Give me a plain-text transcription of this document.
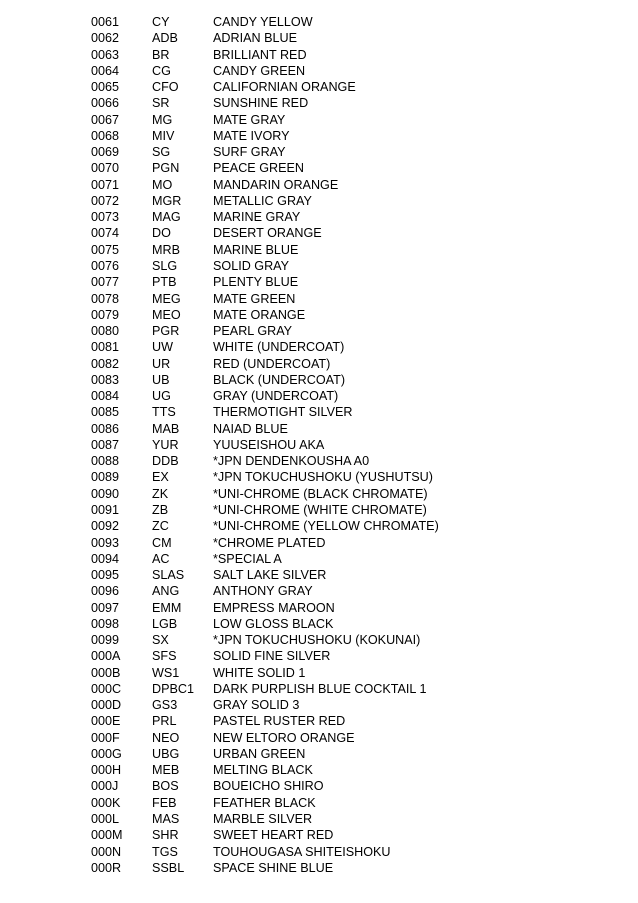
0061	CY	CANDY YELLOW
0062	ADB	ADRIAN BLUE
0063	BR	BRILLIANT RED
0064	CG	CANDY GREEN
0065	CFO	CALIFORNIAN ORANGE
0066	SR	SUNSHINE RED
0067	MG	MATE GRAY
0068	MIV	MATE IVORY
0069	SG	SURF GRAY
0070	PGN	PEACE GREEN
0071	MO	MANDARIN ORANGE
0072	MGR	METALLIC GRAY
0073	MAG	MARINE GRAY
0074	DO	DESERT ORANGE
0075	MRB	MARINE BLUE
0076	SLG	SOLID GRAY
0077	PTB	PLENTY BLUE
0078	MEG	MATE GREEN
0079	MEO	MATE ORANGE
0080	PGR	PEARL GRAY
0081	UW	WHITE (UNDERCOAT)
0082	UR	RED (UNDERCOAT)
0083	UB	BLACK (UNDERCOAT)
0084	UG	GRAY (UNDERCOAT)
0085	TTS	THERMOTIGHT SILVER
0086	MAB	NAIAD BLUE
0087	YUR	YUUSEISHOU AKA
0088	DDB	*JPN DENDENKOUSHA A0
0089	EX	*JPN TOKUCHUSHOKU (YUSHUTSU)
0090	ZK	*UNI-CHROME (BLACK CHROMATE)
0091	ZB	*UNI-CHROME (WHITE CHROMATE)
0092	ZC	*UNI-CHROME (YELLOW CHROMATE)
0093	CM	*CHROME PLATED
0094	AC	*SPECIAL A
0095	SLAS	SALT LAKE SILVER
0096	ANG	ANTHONY GRAY
0097	EMM	EMPRESS MAROON
0098	LGB	LOW GLOSS BLACK
0099	SX	*JPN TOKUCHUSHOKU (KOKUNAI)
000A	SFS	SOLID FINE SILVER
000B	WS1	WHITE SOLID 1
000C	DPBC1	DARK PURPLISH BLUE COCKTAIL 1
000D	GS3	GRAY SOLID 3
000E	PRL	PASTEL RUSTER RED
000F	NEO	NEW ELTORO ORANGE
000G	UBG	URBAN GREEN
000H	MEB	MELTING BLACK
000J	BOS	BOUEICHO SHIRO
000K	FEB	FEATHER BLACK
000L	MAS	MARBLE SILVER
000M	SHR	SWEET HEART RED
000N	TGS	TOUHOUGASA SHITEISHOKU
000R	SSBL	SPACE SHINE BLUE
